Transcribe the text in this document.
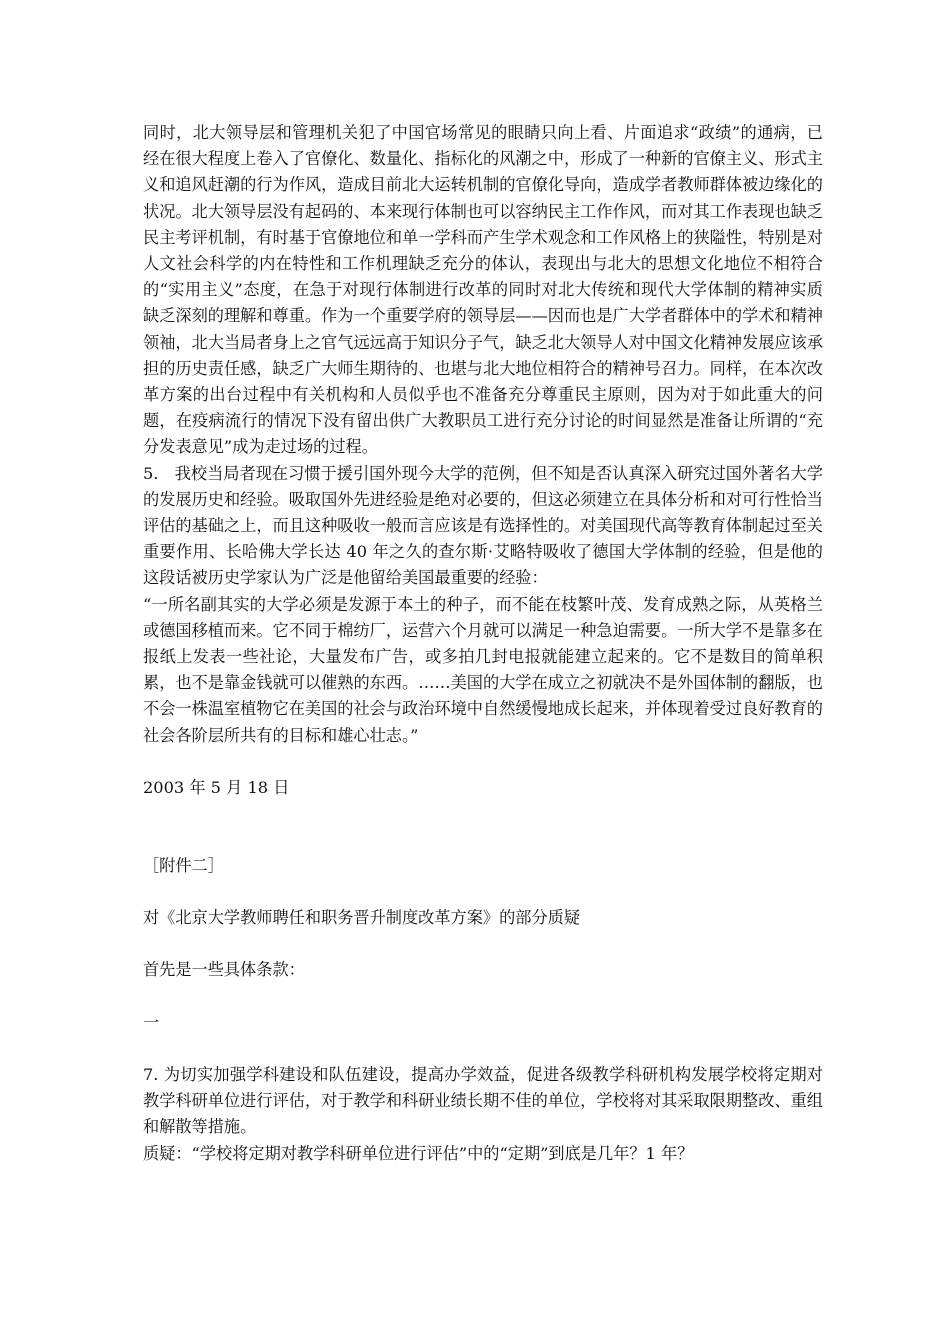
同时，北大领导层和管理机关犯了中国官场常见的眼睛只向上看、片面追求“政绩”的通病，已经在很大程度上卷入了官僚化、数量化、指标化的风潮之中，形成了一种新的官僚主义、形式主义和追风赶潮的行为作风，造成目前北大运转机制的官僚化导向，造成学者教师群体被边缘化的状况。北大领导层没有起码的、本来现行体制也可以容纳民主工作作风，而对其工作表现也缺乏民主考评机制，有时基于官僚地位和单一学科而产生学术观念和工作风格上的狭隘性，特别是对人文社会科学的内在特性和工作机理缺乏充分的体认，表现出与北大的思想文化地位不相符合的“实用主义”态度，在急于对现行体制进行改革的同时对北大传统和现代大学体制的精神实质缺乏深刻的理解和尊重。作为一个重要学府的领导层——因而也是广大学者群体中的学术和精神领袖，北大当局者身上之官气远远高于知识分子气，缺乏北大领导人对中国文化精神发展应该承担的历史责任感，缺乏广大师生期待的、也堪与北大地位相符合的精神号召力。同样，在本次改革方案的出台过程中有关机构和人员似乎也不准备充分尊重民主原则，因为对于如此重大的问题，在疫病流行的情况下没有留出供广大教职员工进行充分讨论的时间显然是准备让所谓的“充分发表意见”成为走过场的过程。

5.　我校当局者现在习惯于援引国外现今大学的范例，但不知是否认真深入研究过国外著名大学的发展历史和经验。吸取国外先进经验是绝对必要的，但这必须建立在具体分析和对可行性恰当评估的基础之上，而且这种吸收一般而言应该是有选择性的。对美国现代高等教育体制起过至关重要作用、长哈佛大学长达 40 年之久的查尔斯·艾略特吸收了德国大学体制的经验，但是他的这段话被历史学家认为广泛是他留给美国最重要的经验：

“一所名副其实的大学必须是发源于本土的种子，而不能在枝繁叶茂、发育成熟之际，从英格兰或德国移植而来。它不同于棉纺厂，运营六个月就可以满足一种急迫需要。一所大学不是靠多在报纸上发表一些社论，大量发布广告，或多拍几封电报就能建立起来的。它不是数目的简单积累，也不是靠金钱就可以催熟的东西。……美国的大学在成立之初就决不是外国体制的翻版，也不会一株温室植物它在美国的社会与政治环境中自然缓慢地成长起来，并体现着受过良好教育的社会各阶层所共有的目标和雄心壮志。”

2003 年 5 月 18 日

［附件二］

对《北京大学教师聘任和职务晋升制度改革方案》的部分质疑

首先是一些具体条款：

一

7. 为切实加强学科建设和队伍建设，提高办学效益，促进各级教学科研机构发展学校将定期对教学科研单位进行评估，对于教学和科研业绩长期不佳的单位，学校将对其采取限期整改、重组和解散等措施。

质疑：“学校将定期对教学科研单位进行评估”中的“定期”到底是几年？1 年？
